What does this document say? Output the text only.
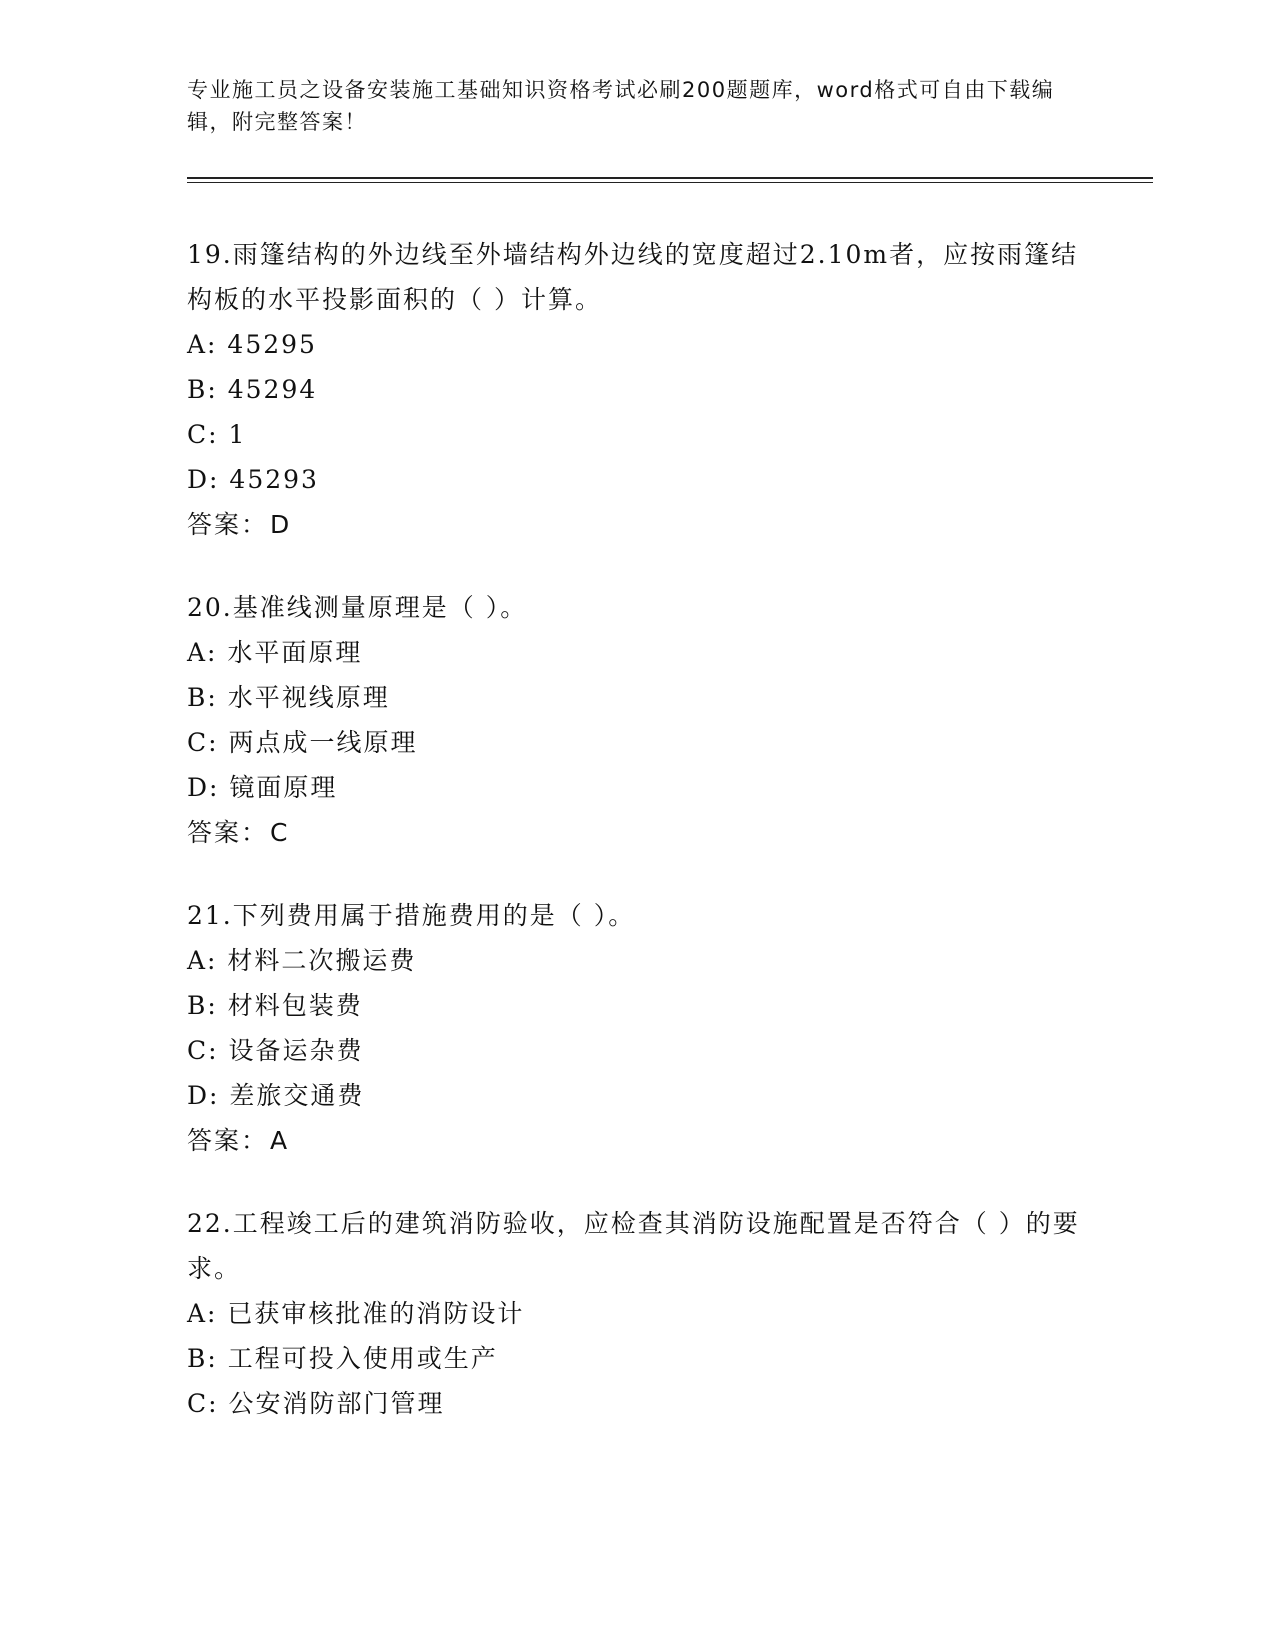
专业施工员之设备安装施工基础知识资格考试必刷200题题库，word格式可自由下载编辑，附完整答案！
19.雨篷结构的外边线至外墙结构外边线的宽度超过2.10m者，应按雨篷结构板的水平投影面积的（ ）计算。
A: 45295
B: 45294
C: 1
D: 45293
答案：D
20.基准线测量原理是（ ）。
A: 水平面原理
B: 水平视线原理
C: 两点成一线原理
D: 镜面原理
答案：C
21.下列费用属于措施费用的是（ ）。
A: 材料二次搬运费
B: 材料包装费
C: 设备运杂费
D: 差旅交通费
答案：A
22.工程竣工后的建筑消防验收，应检查其消防设施配置是否符合（ ）的要求。
A: 已获审核批准的消防设计
B: 工程可投入使用或生产
C: 公安消防部门管理
